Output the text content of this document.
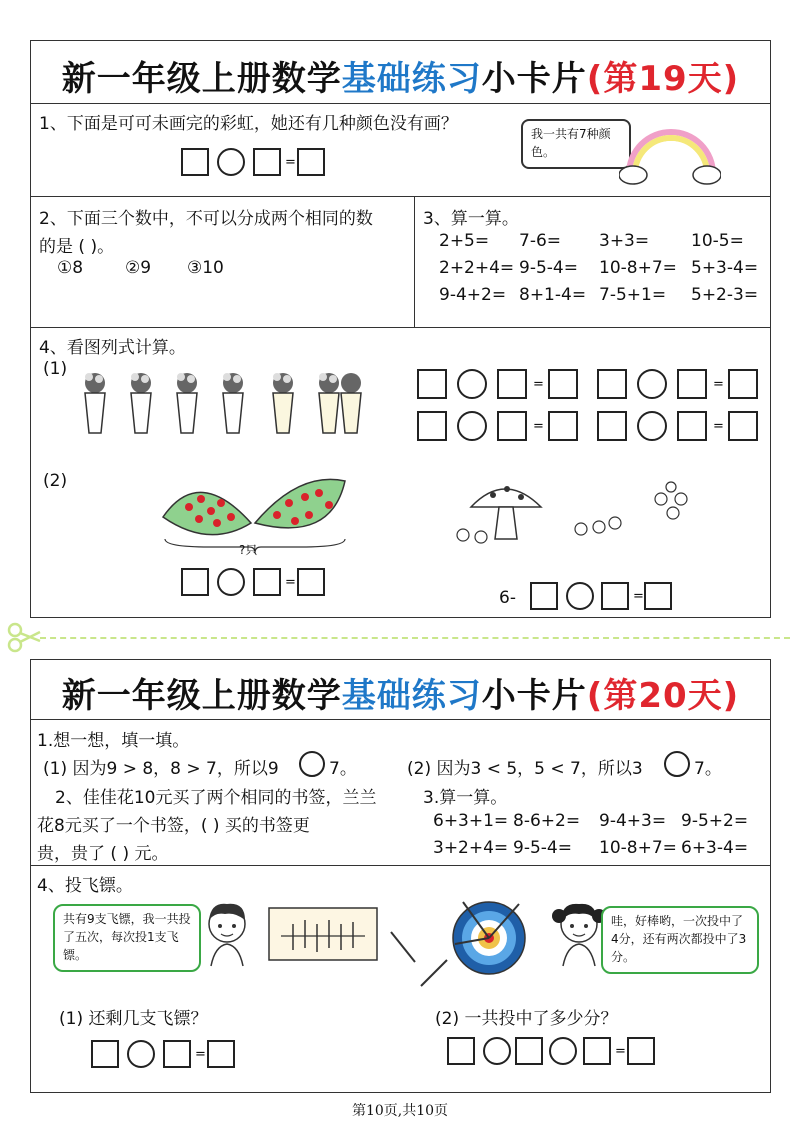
新一年级上册数学基础练习小卡片(第19天)
1、下面是可可未画完的彩虹，她还有几种颜色没有画？
=
我一共有7种颜色。
2、下面三个数中，不可以分成两个相同的数
的是 ( )。
①8 ②9 ③10
3、算一算。
2+5= 7-6= 3+3= 10-5=
2+2+4= 9-5-4= 10-8+7= 5+3-4=
9-4+2= 8+1-4= 7-5+1= 5+2-3=
4、看图列式计算。
(1)
=	=
=	=
(2)
?只
=
6-	=
新一年级上册数学基础练习小卡片(第20天)
1.想一想，填一填。
(1) 因为9 > 8，8 > 7，所以9	7。	(2) 因为3 < 5，5 < 7，所以3	7。
2、佳佳花10元买了两个相同的书签，兰兰
花8元买了一个书签，( ) 买的书签更
贵，贵了 ( ) 元。
3.算一算。
6+3+1= 8-6+2= 9-4+3= 9-5+2=
3+2+4= 9-5-4= 10-8+7= 6+3-4=
4、投飞镖。
共有9支飞镖，我一共投了五次，每次投1支飞镖。
哇，好棒哟，一次投中了4分，还有两次都投中了3分。
(1) 还剩几支飞镖？	(2) 一共投中了多少分？
=	=
第10页,共10页
